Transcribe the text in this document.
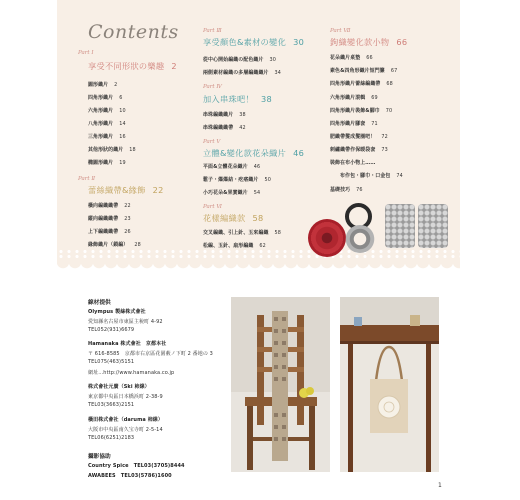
Contents
Part Ⅰ
享受不同形狀の樂趣 2
圓形織片 2
四角形織片 6
六角形織片 10
八角形織片 14
三角形織片 16
其他形狀的織片 18
橢圓形織片 19
Part Ⅱ
蕾絲織帶&緣飾 22
橫向編織織帶 22
縱向編織織帶 23
上下編織織帶 26
緣飾織片（鎖編） 28
Part Ⅲ
享受顏色&素材の變化 30
從中心開始編織の配色織片 30
兩側素材編織の多層編織織片 34
Part Ⅳ
加入串珠吧！ 38
串珠編織織片 38
串珠編織織帶 42
Part Ⅴ
立體&變化款花朵織片 46
平面&立體花朵織片 46
鬆子・爆爆結・疙瘩織片 50
小巧花朵&果實織片 54
Part Ⅵ
花樣編織款 58
交叉編織、引上針、玉來編織 58
松編、玉針、扇形編織 62
Part Ⅶ
鉤織變化款小物 66
花朵織片桌墊 66
素色&四角形織片短門簾 67
四角形織片蕾絲編織帶 68
六角形織片滾輯 69
四角形織片裝飾&腳巾 70
四角形織片腳套 71
肥織帶髮成髮圈吧！ 72
刺繡織帶作保暖袋套 73
裝飾在布小物上……
布作包・腳巾・口金包 74
基礎技巧 76
線材提供
Olympus 製絲株式會社
愛知縣名古屋市東區主稅町 4-92
TEL052(931)6679
Hamanaka 株式會社　京都本社
〒 616-8585　京都市右京區花園薮ノ下町 2 番地の 3
TEL075(463)5151
網址…http://www.hamanaka.co.jp
株式會社元廣（Ski 柿線）
東京都中央區日本橋浜町 2-38-9
TEL03(3663)2151
橫田株式會社（daruma 柿線）
大阪市中央區南久宝寺町 2-5-14
TEL06(6251)2183
攝影協助
Country Spice　TEL03(3705)8444
AWABEES　TEL03(5786)1600
1
